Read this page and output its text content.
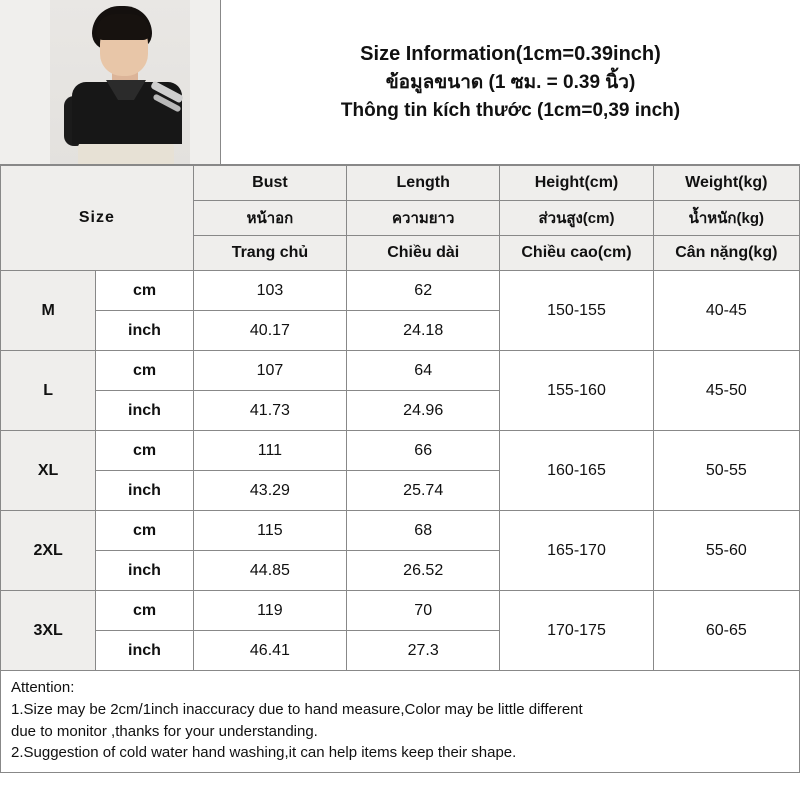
Size Information(1cm=0.39inch)
ข้อมูลขนาด (1 ซม. = 0.39 นิ้ว)
Thông tin kích thước (1cm=0,39 inch)
Size		Bust	Length	Height(cm)	Weight(kg)
		หน้าอก	ความยาว	ส่วนสูง(cm)	น้ำหนัก(kg)
		Trang chủ	Chiều dài	Chiều cao(cm)	Cân nặng(kg)
M	cm	103	62	150-155	40-45
	inch	40.17	24.18		
L	cm	107	64	155-160	45-50
	inch	41.73	24.96		
XL	cm	111	66	160-165	50-55
	inch	43.29	25.74		
2XL	cm	115	68	165-170	55-60
	inch	44.85	26.52		
3XL	cm	119	70	170-175	60-65
	inch	46.41	27.3		
Attention:
1.Size may be 2cm/1inch inaccuracy due to hand measure,Color may be little different
due to monitor ,thanks for your understanding.
2.Suggestion of cold water hand washing,it can help items keep their shape.
